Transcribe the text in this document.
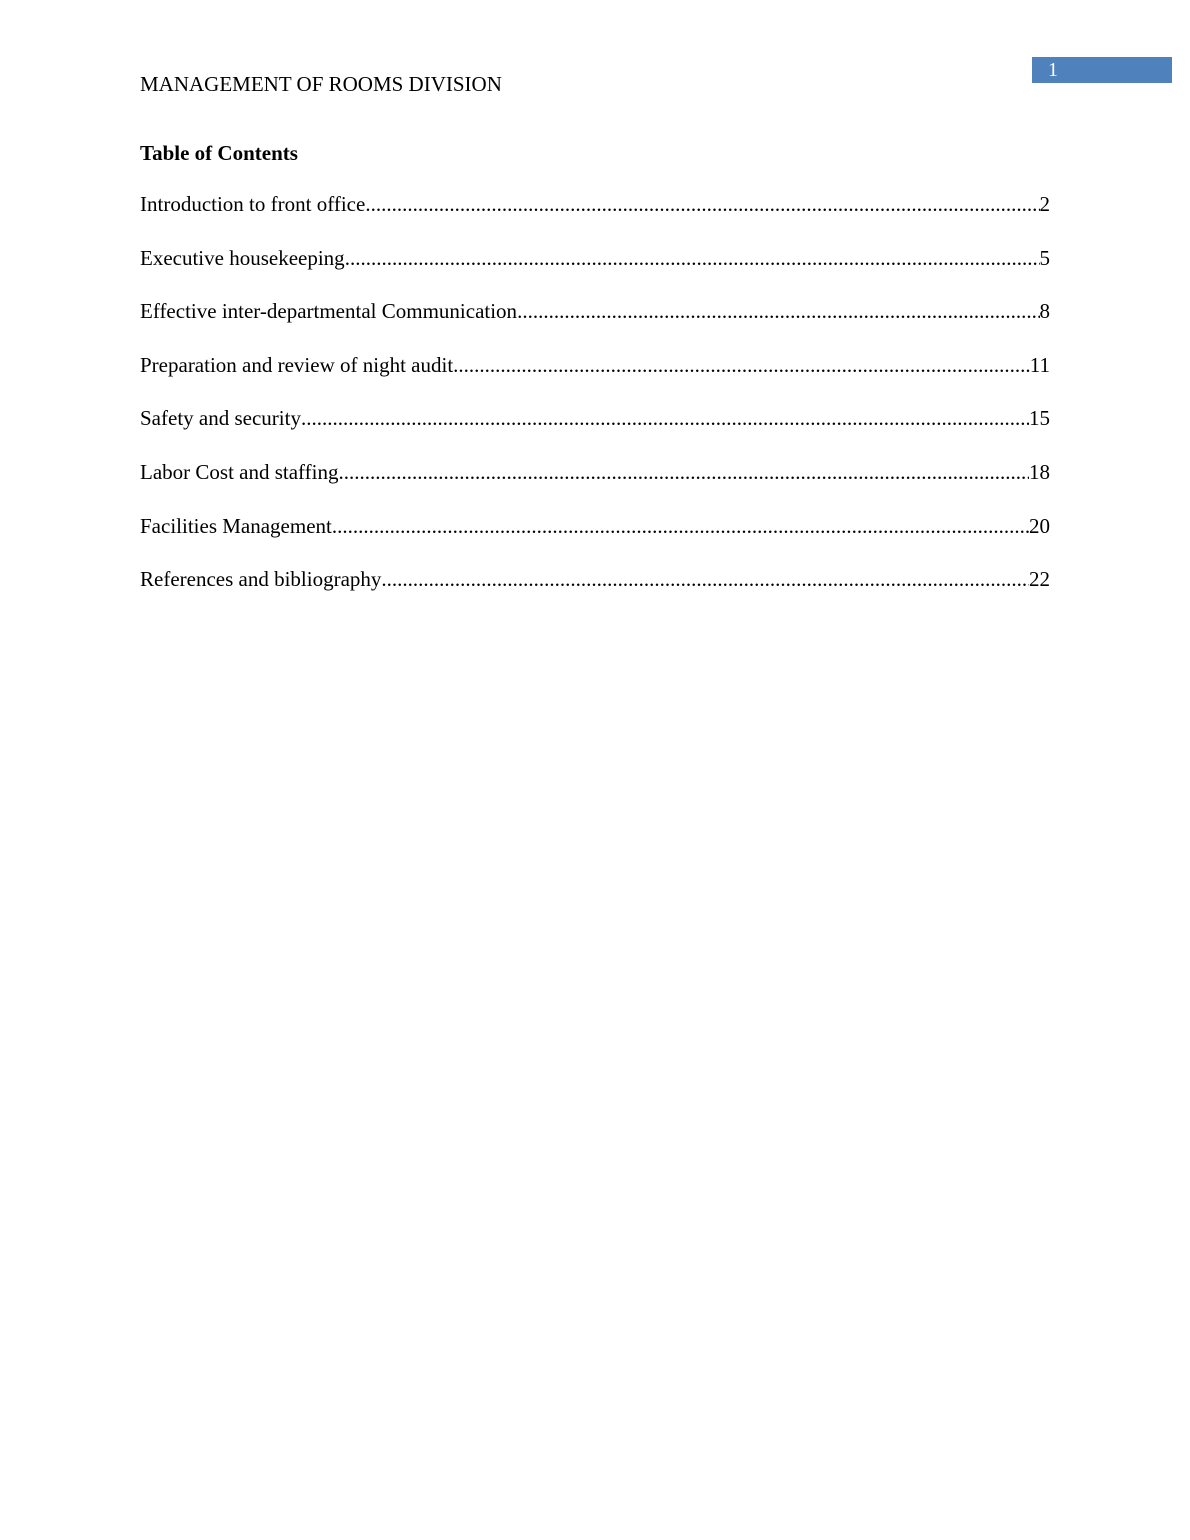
1
MANAGEMENT OF ROOMS DIVISION
Table of Contents
Introduction to front office .....	2
Executive housekeeping .....	5
Effective inter-departmental Communication .....	8
Preparation and review of night audit .....	11
Safety and security .....	15
Labor Cost and staffing .....	18
Facilities Management .....	20
References and bibliography .....	22
